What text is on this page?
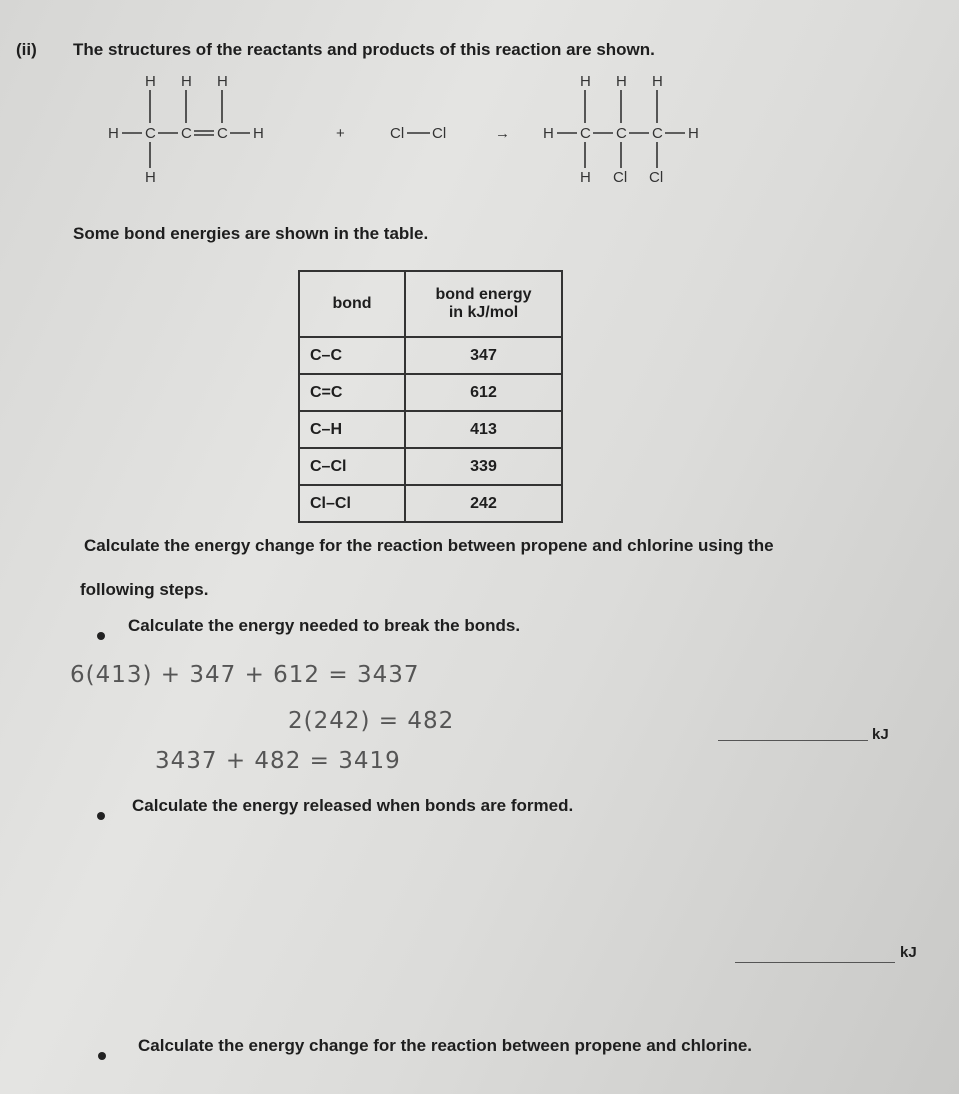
(ii) The structures of the reactants and products of this reaction are shown.
H H H
H C C C H
H
+	Cl Cl	→
H H H
H C C C H
H Cl Cl
Some bond energies are shown in the table.
bond	bond energy
in kJ/mol
C–C	347
C=C	612
C–H	413
C–Cl	339
Cl–Cl	242
Calculate the energy change for the reaction between propene and chlorine using the
following steps.
Calculate the energy needed to break the bonds.
6(413) + 347 + 612 = 3437
2(242) = 482
3437 + 482 = 3419
kJ
Calculate the energy released when bonds are formed.
kJ
Calculate the energy change for the reaction between propene and chlorine.
